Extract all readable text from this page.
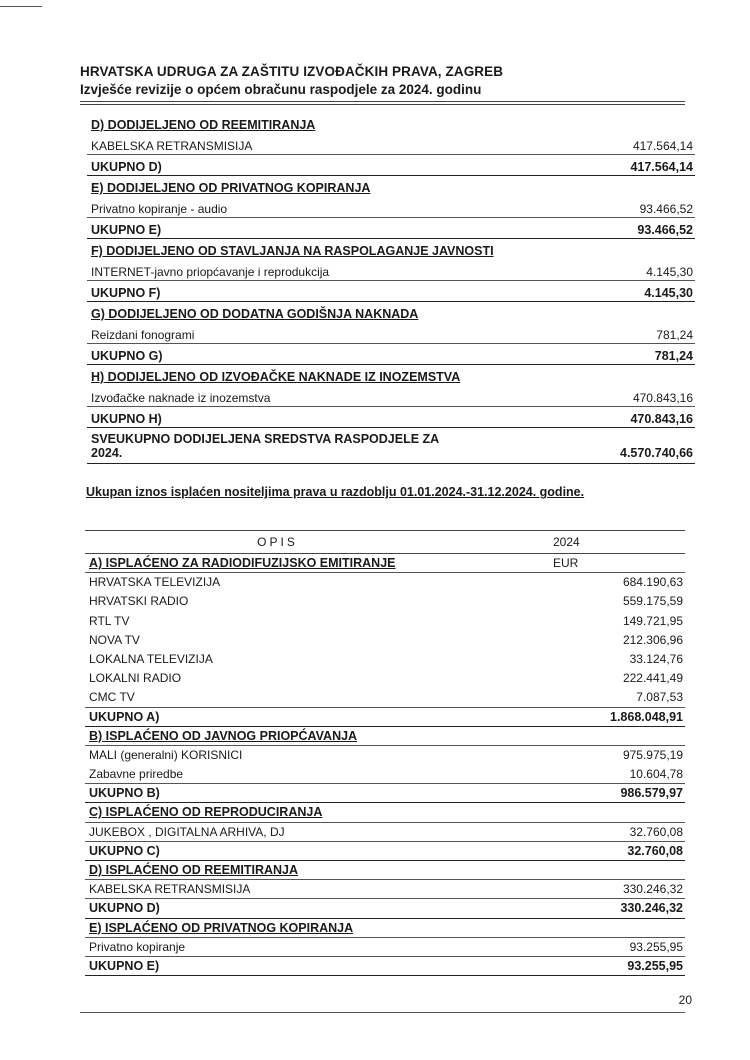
HRVATSKA UDRUGA ZA ZAŠTITU IZVOĐAČKIH PRAVA, ZAGREB
Izvješće revizije o općem obračunu raspodjele za 2024. godinu
D) DODIJELJENO OD REEMITIRANJA
KABELSKA RETRANSMISIJA	417.564,14
UKUPNO D)	417.564,14
E) DODIJELJENO OD PRIVATNOG KOPIRANJA
Privatno kopiranje - audio	93.466,52
UKUPNO E)	93.466,52
F) DODIJELJENO OD STAVLJANJA NA RASPOLAGANJE JAVNOSTI
INTERNET-javno priopćavanje i reprodukcija	4.145,30
UKUPNO F)	4.145,30
G) DODIJELJENO OD DODATNA GODIŠNJA NAKNADA
Reizdani fonogrami	781,24
UKUPNO G)	781,24
H) DODIJELJENO OD IZVOĐAČKE NAKNADE IZ INOZEMSTVA
Izvođačke naknade iz inozemstva	470.843,16
UKUPNO H)	470.843,16
SVEUKUPNO DODIJELJENA SREDSTVA RASPODJELE ZA 2024.	4.570.740,66
Ukupan iznos isplaćen nositeljima prava u razdoblju 01.01.2024.-31.12.2024. godine.
OPIS	2024
A) ISPLAĆENO ZA RADIODIFUZIJSKO EMITIRANJE	EUR
HRVATSKA TELEVIZIJA	684.190,63
HRVATSKI RADIO	559.175,59
RTL TV	149.721,95
NOVA TV	212.306,96
LOKALNA TELEVIZIJA	33.124,76
LOKALNI RADIO	222.441,49
CMC TV	7.087,53
UKUPNO A)	1.868.048,91
B) ISPLAĆENO OD JAVNOG PRIOPĆAVANJA
MALI (generalni) KORISNICI	975.975,19
Zabavne priredbe	10.604,78
UKUPNO B)	986.579,97
C) ISPLAĆENO OD REPRODUCIRANJA
JUKEBOX , DIGITALNA ARHIVA, DJ	32.760,08
UKUPNO C)	32.760,08
D) ISPLAĆENO OD REEMITIRANJA
KABELSKA RETRANSMISIJA	330.246,32
UKUPNO D)	330.246,32
E) ISPLAĆENO OD PRIVATNOG KOPIRANJA
Privatno kopiranje	93.255,95
UKUPNO E)	93.255,95
20
